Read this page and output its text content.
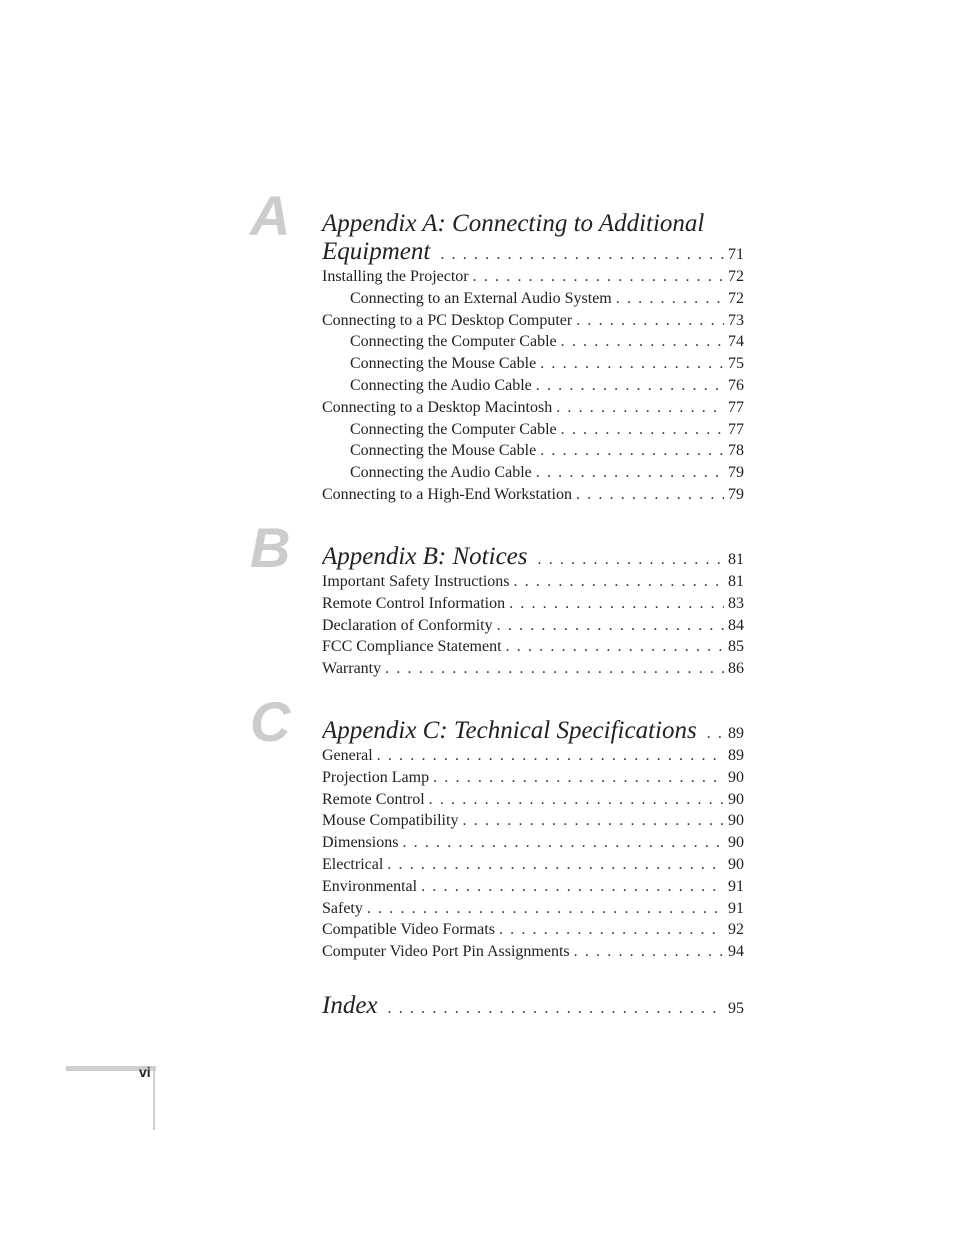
A	Appendix A: Connecting to Additional
Equipment . . .	71
Installing the Projector . . .	72
Connecting to an External Audio System . . .	72
Connecting to a PC Desktop Computer . . .	73
Connecting the Computer Cable . . .	74
Connecting the Mouse Cable . . .	75
Connecting the Audio Cable . . .	76
Connecting to a Desktop Macintosh . . .	77
Connecting the Computer Cable . . .	77
Connecting the Mouse Cable . . .	78
Connecting the Audio Cable . . .	79
Connecting to a High-End Workstation . . .	79
B	Appendix B: Notices . . .	81
Important Safety Instructions . . .	81
Remote Control Information . . .	83
Declaration of Conformity . . .	84
FCC Compliance Statement . . .	85
Warranty . . .	86
C	Appendix C: Technical Specifications . . . 89
General . . .	89
Projection Lamp . . .	90
Remote Control . . .	90
Mouse Compatibility . . .	90
Dimensions . . .	90
Electrical . . .	90
Environmental . . .	91
Safety . . .	91
Compatible Video Formats . . .	92
Computer Video Port Pin Assignments . . .	94
Index . . .	95
vi
